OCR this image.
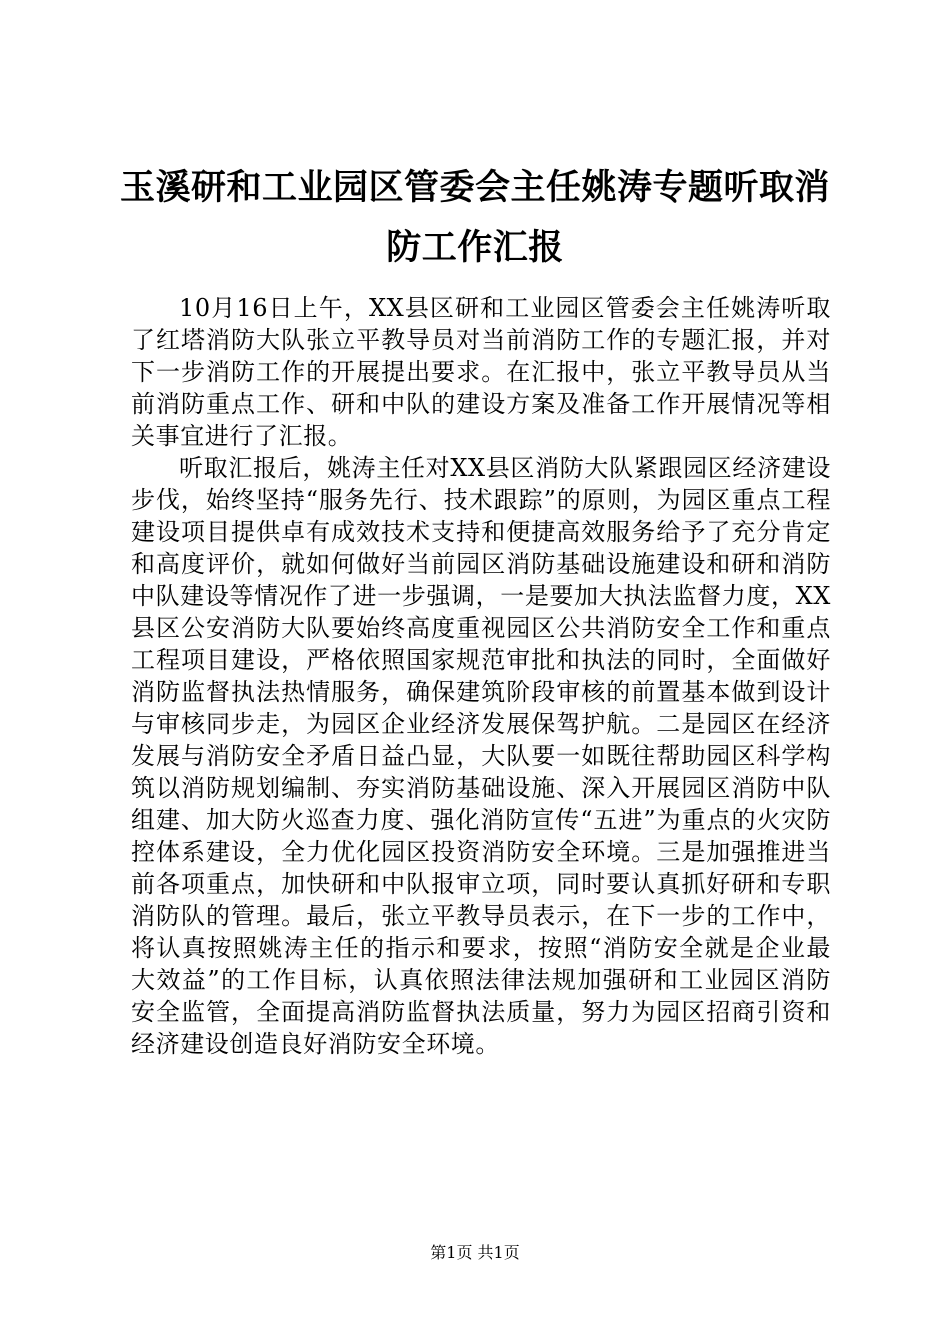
玉溪研和工业园区管委会主任姚涛专题听取消防工作汇报

10月16日上午，XX县区研和工业园区管委会主任姚涛听取了红塔消防大队张立平教导员对当前消防工作的专题汇报，并对下一步消防工作的开展提出要求。在汇报中，张立平教导员从当前消防重点工作、研和中队的建设方案及准备工作开展情况等相关事宜进行了汇报。

听取汇报后，姚涛主任对XX县区消防大队紧跟园区经济建设步伐，始终坚持“服务先行、技术跟踪”的原则，为园区重点工程建设项目提供卓有成效技术支持和便捷高效服务给予了充分肯定和高度评价，就如何做好当前园区消防基础设施建设和研和消防中队建设等情况作了进一步强调，一是要加大执法监督力度，XX县区公安消防大队要始终高度重视园区公共消防安全工作和重点工程项目建设，严格依照国家规范审批和执法的同时，全面做好消防监督执法热情服务，确保建筑阶段审核的前置基本做到设计与审核同步走，为园区企业经济发展保驾护航。二是园区在经济发展与消防安全矛盾日益凸显，大队要一如既往帮助园区科学构筑以消防规划编制、夯实消防基础设施、深入开展园区消防中队组建、加大防火巡查力度、强化消防宣传“五进”为重点的火灾防控体系建设，全力优化园区投资消防安全环境。三是加强推进当前各项重点，加快研和中队报审立项，同时要认真抓好研和专职消防队的管理。最后，张立平教导员表示，在下一步的工作中，将认真按照姚涛主任的指示和要求，按照“消防安全就是企业最大效益”的工作目标，认真依照法律法规加强研和工业园区消防安全监管，全面提高消防监督执法质量，努力为园区招商引资和经济建设创造良好消防安全环境。

第1页 共1页
